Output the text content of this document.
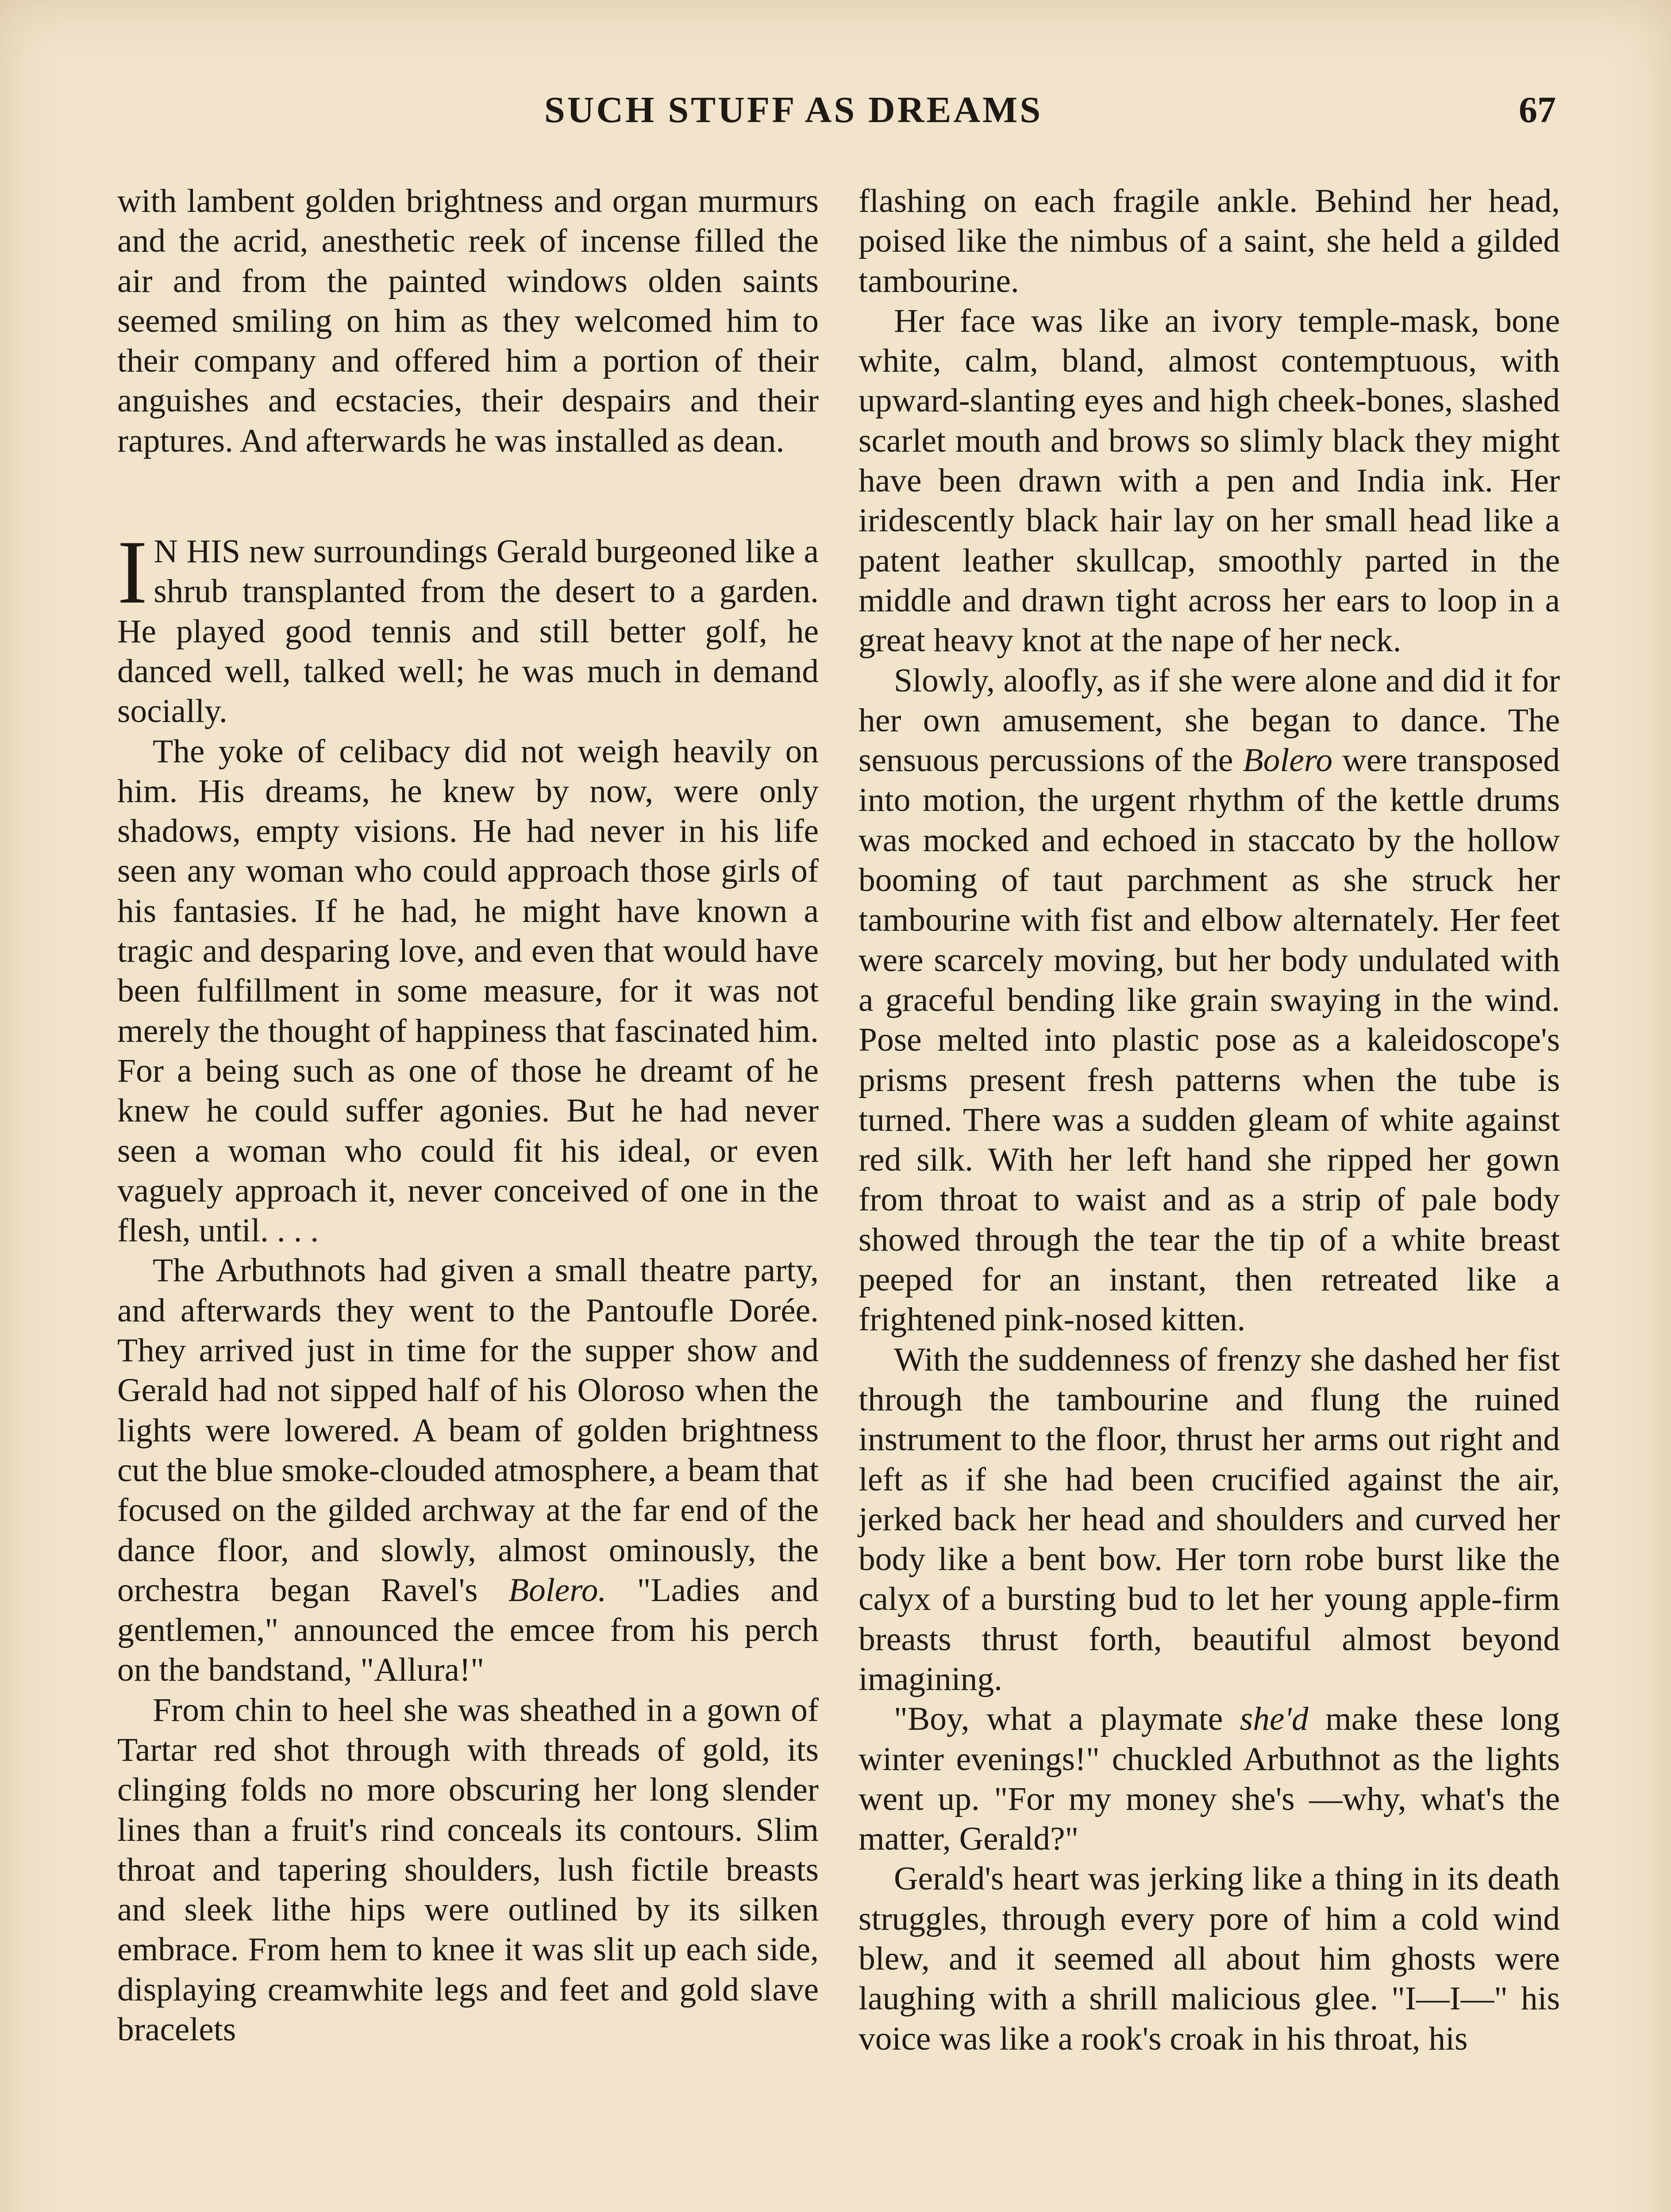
SUCH STUFF AS DREAMS	67

with lambent golden brightness and organ murmurs and the acrid, anesthetic reek of incense filled the air and from the painted windows olden saints seemed smiling on him as they welcomed him to their company and offered him a portion of their anguishes and ecstacies, their despairs and their raptures. And afterwards he was installed as dean.

I N HIS new surroundings Gerald burgeoned like a shrub transplanted from the desert to a garden. He played good tennis and still better golf, he danced well, talked well; he was much in demand socially.

The yoke of celibacy did not weigh heavily on him. His dreams, he knew by now, were only shadows, empty visions. He had never in his life seen any woman who could approach those girls of his fantasies. If he had, he might have known a tragic and desparing love, and even that would have been fulfillment in some measure, for it was not merely the thought of happiness that fascinated him. For a being such as one of those he dreamt of he knew he could suffer agonies. But he had never seen a woman who could fit his ideal, or even vaguely approach it, never conceived of one in the flesh, until. . . .

The Arbuthnots had given a small theatre party, and afterwards they went to the Pantoufle Dorée. They arrived just in time for the supper show and Gerald had not sipped half of his Oloroso when the lights were lowered. A beam of golden brightness cut the blue smoke-clouded atmosphere, a beam that focused on the gilded archway at the far end of the dance floor, and slowly, almost ominously, the orchestra began Ravel's Bolero. "Ladies and gentlemen," announced the emcee from his perch on the bandstand, "Allura!"

From chin to heel she was sheathed in a gown of Tartar red shot through with threads of gold, its clinging folds no more obscuring her long slender lines than a fruit's rind conceals its contours. Slim throat and tapering shoulders, lush fictile breasts and sleek lithe hips were outlined by its silken embrace. From hem to knee it was slit up each side, displaying creamwhite legs and feet and gold slave bracelets

flashing on each fragile ankle. Behind her head, poised like the nimbus of a saint, she held a gilded tambourine.

Her face was like an ivory temple-mask, bone white, calm, bland, almost contemptuous, with upward-slanting eyes and high cheek-bones, slashed scarlet mouth and brows so slimly black they might have been drawn with a pen and India ink. Her iridescently black hair lay on her small head like a patent leather skullcap, smoothly parted in the middle and drawn tight across her ears to loop in a great heavy knot at the nape of her neck.

Slowly, aloofly, as if she were alone and did it for her own amusement, she began to dance. The sensuous percussions of the Bolero were transposed into motion, the urgent rhythm of the kettle drums was mocked and echoed in staccato by the hollow booming of taut parchment as she struck her tambourine with fist and elbow alternately. Her feet were scarcely moving, but her body undulated with a graceful bending like grain swaying in the wind. Pose melted into plastic pose as a kaleidoscope's prisms present fresh patterns when the tube is turned. There was a sudden gleam of white against red silk. With her left hand she ripped her gown from throat to waist and as a strip of pale body showed through the tear the tip of a white breast peeped for an instant, then retreated like a frightened pink-nosed kitten.

With the suddenness of frenzy she dashed her fist through the tambourine and flung the ruined instrument to the floor, thrust her arms out right and left as if she had been crucified against the air, jerked back her head and shoulders and curved her body like a bent bow. Her torn robe burst like the calyx of a bursting bud to let her young apple-firm breasts thrust forth, beautiful almost beyond imagining.

"Boy, what a playmate she'd make these long winter evenings!" chuckled Arbuthnot as the lights went up. "For my money she's —why, what's the matter, Gerald?"

Gerald's heart was jerking like a thing in its death struggles, through every pore of him a cold wind blew, and it seemed all about him ghosts were laughing with a shrill malicious glee. "I—I—" his voice was like a rook's croak in his throat, his
